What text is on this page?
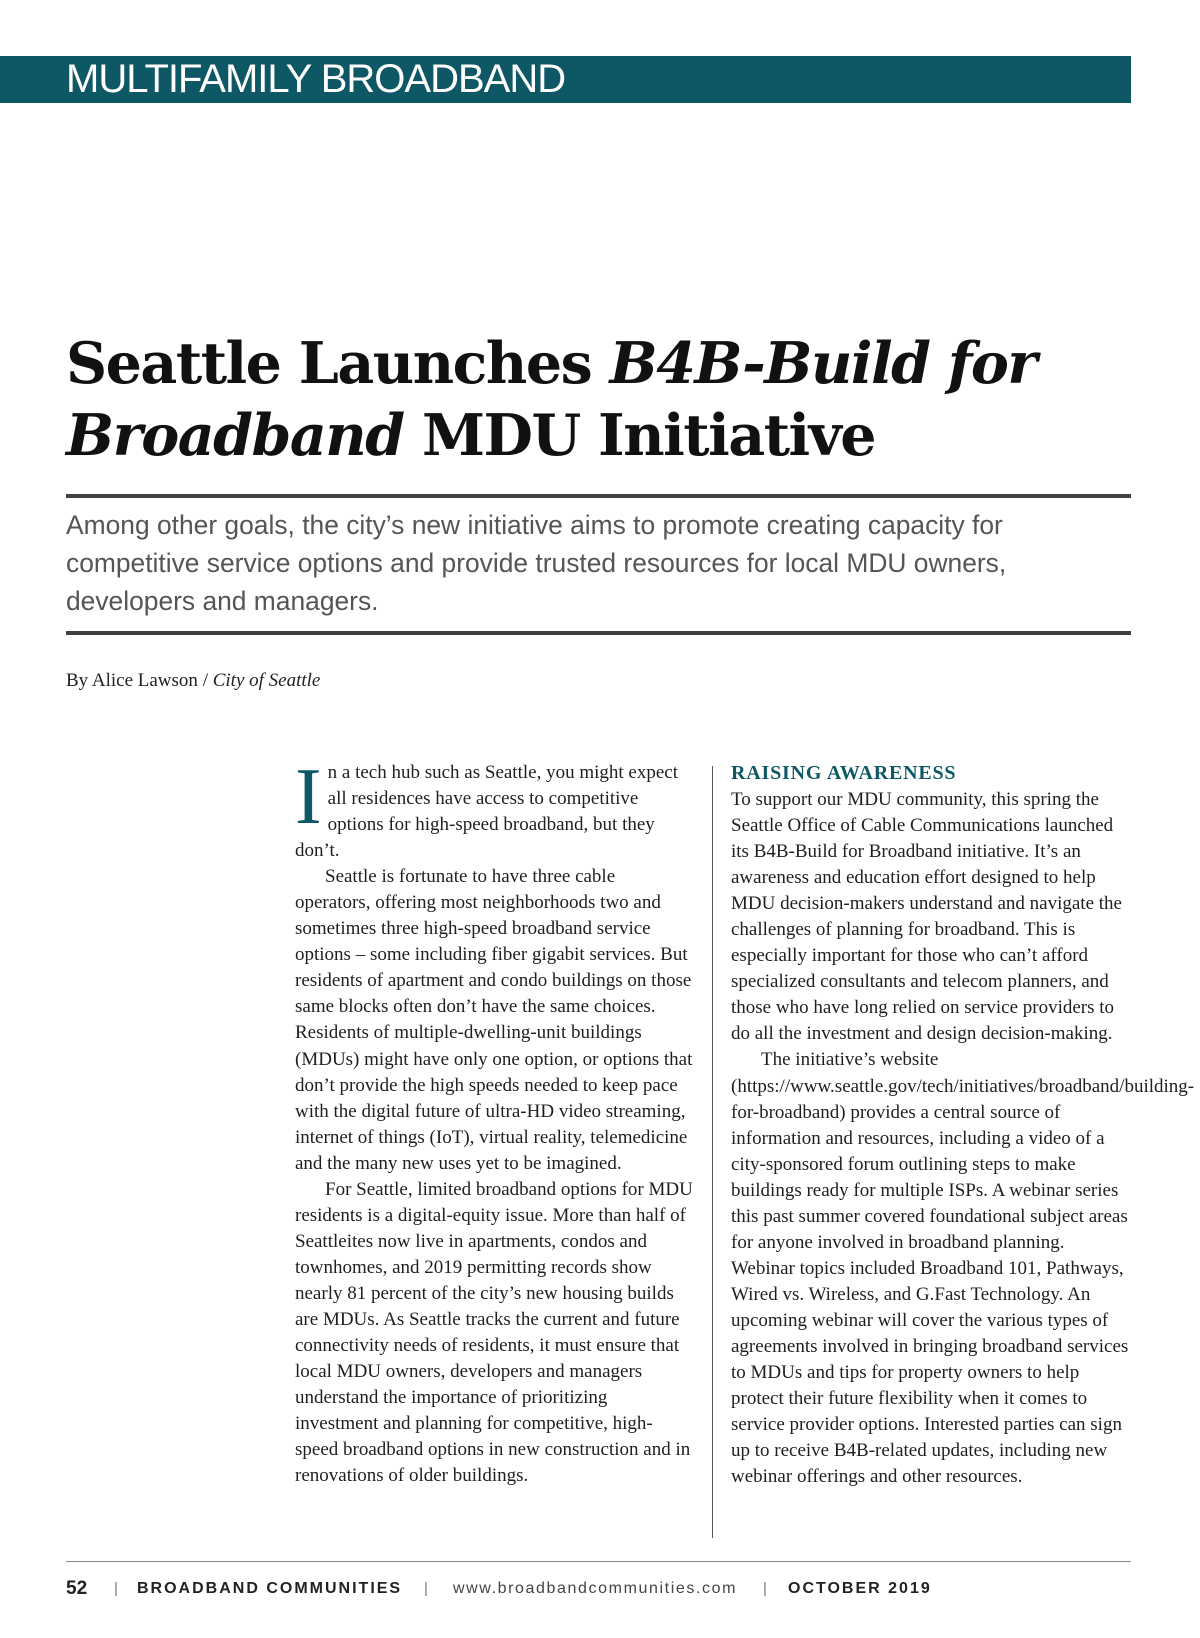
MULTIFAMILY BROADBAND
Seattle Launches B4B-Build for Broadband MDU Initiative

Among other goals, the city’s new initiative aims to promote creating capacity for competitive service options and provide trusted resources for local MDU owners, developers and managers.

By Alice Lawson / City of Seattle

I n a tech hub such as Seattle, you might expect all residences have access to competitive options for high-speed broadband, but they don’t.

Seattle is fortunate to have three cable operators, offering most neighborhoods two and sometimes three high-speed broadband service options – some including fiber gigabit services. But residents of apartment and condo buildings on those same blocks often don’t have the same choices. Residents of multiple-dwelling-unit buildings (MDUs) might have only one option, or options that don’t provide the high speeds needed to keep pace with the digital future of ultra-HD video streaming, internet of things (IoT), virtual reality, telemedicine and the many new uses yet to be imagined.

For Seattle, limited broadband options for MDU residents is a digital-equity issue. More than half of Seattleites now live in apartments, condos and townhomes, and 2019 permitting records show nearly 81 percent of the city’s new housing builds are MDUs. As Seattle tracks the current and future connectivity needs of residents, it must ensure that local MDU owners, developers and managers understand the importance of prioritizing investment and planning for competitive, high-speed broadband options in new construction and in renovations of older buildings.

RAISING AWARENESS

To support our MDU community, this spring the Seattle Office of Cable Communications launched its B4B-Build for Broadband initiative. It’s an awareness and education effort designed to help MDU decision-makers understand and navigate the challenges of planning for broadband. This is especially important for those who can’t afford specialized consultants and telecom planners, and those who have long relied on service providers to do all the investment and design decision-making.

The initiative’s website (https://www.seattle.gov/tech/initiatives/broadband/building-for-broadband) provides a central source of information and resources, including a video of a city-sponsored forum outlining steps to make buildings ready for multiple ISPs. A webinar series this past summer covered foundational subject areas for anyone involved in broadband planning. Webinar topics included Broadband 101, Pathways, Wired vs. Wireless, and G.Fast Technology. An upcoming webinar will cover the various types of agreements involved in bringing broadband services to MDUs and tips for property owners to help protect their future flexibility when it comes to service provider options. Interested parties can sign up to receive B4B-related updates, including new webinar offerings and other resources.

52 | BROADBAND COMMUNITIES | www.broadbandcommunities.com | OCTOBER 2019
